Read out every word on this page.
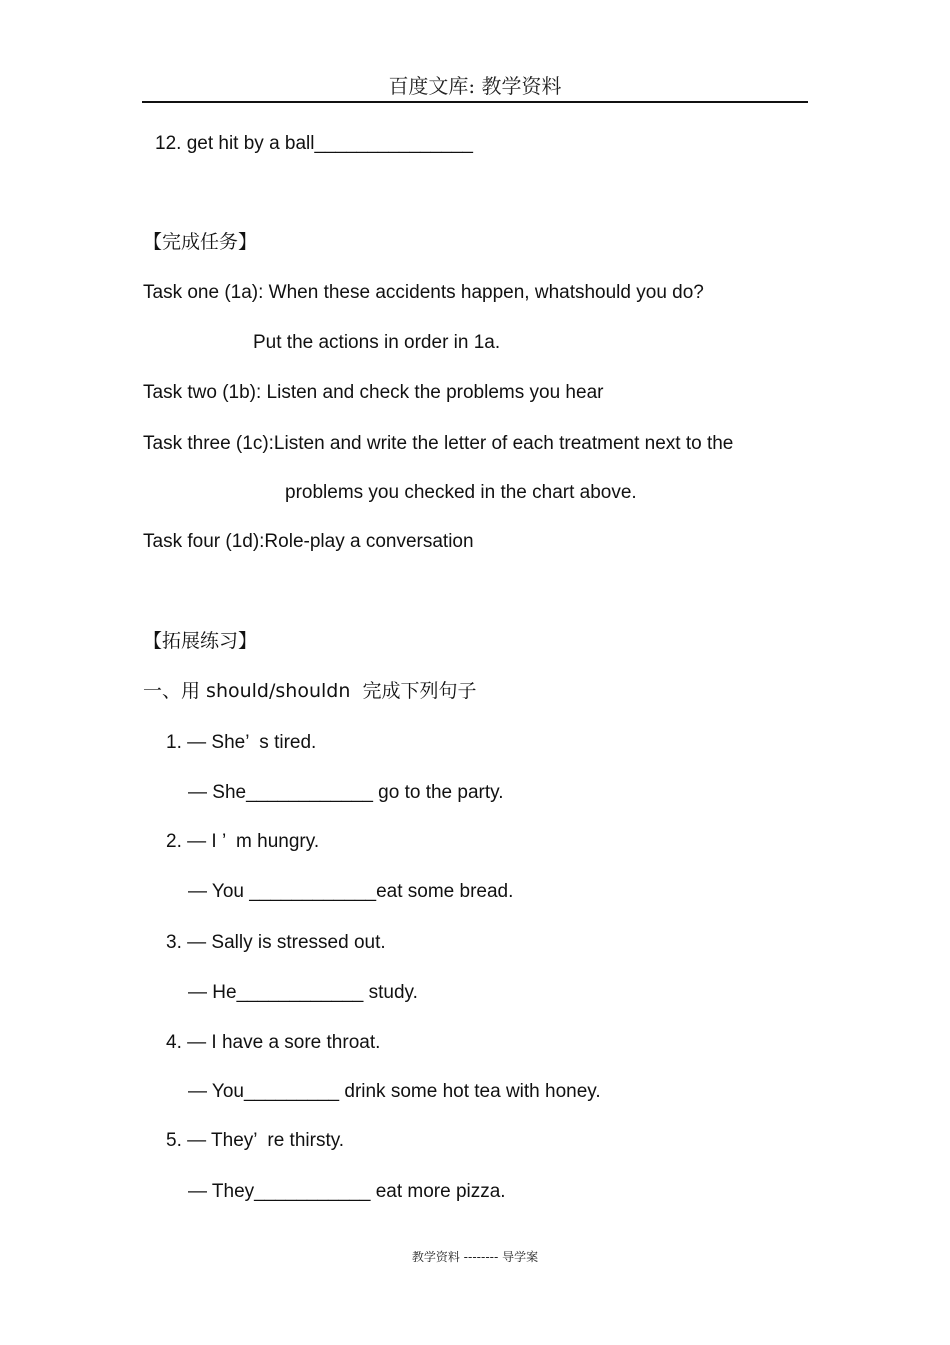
百度文库: 教学资料
12. get hit by a ball_______________
【完成任务】
Task one (1a): When these accidents happen, whatshould you do?
Put the actions in order in 1a.
Task two (1b): Listen and check the problems you hear
Task three (1c):Listen and write the letter of each treatment next to the
problems you checked in the chart above.
Task four (1d):Role-play a conversation
【拓展练习】
一、用 should/shouldn  完成下列句子
1. — She’  s tired.
— She____________ go to the party.
2. — I ’  m hungry.
— You ____________eat some bread.
3. — Sally is stressed out.
— He____________ study.
4. — I have a sore throat.
— You_________ drink some hot tea with honey.
5. — They’  re thirsty.
— They___________ eat more pizza.
教学资料 -------- 导学案
